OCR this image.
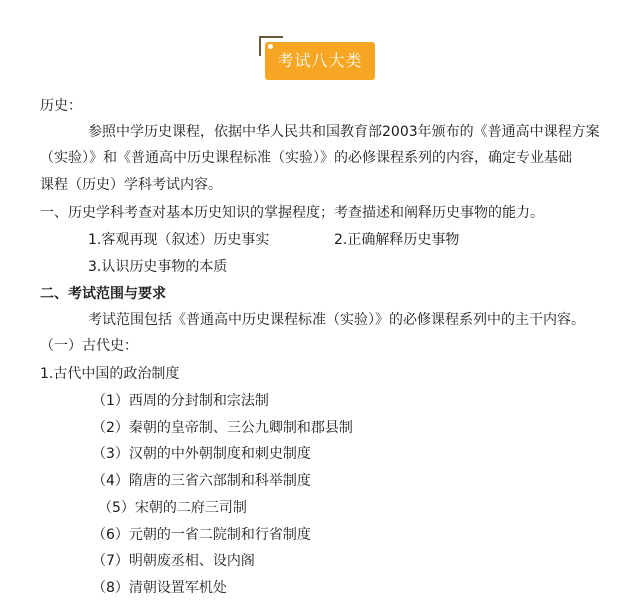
考试八大类
历史：
参照中学历史课程，依据中华人民共和国教育部2003年颁布的《普通高中课程方案
（实验）》和《普通高中历史课程标准（实验）》的必修课程系列的内容，确定专业基础
课程（历史）学科考试内容。
一、历史学科考查对基本历史知识的掌握程度；考查描述和阐释历史事物的能力。
1.客观再现（叙述）历史事实	2.正确解释历史事物
3.认识历史事物的本质
二、考试范围与要求
考试范围包括《普通高中历史课程标准（实验）》的必修课程系列中的主干内容。
（一）古代史：
1.古代中国的政治制度
（1）西周的分封制和宗法制
（2）秦朝的皇帝制、三公九卿制和郡县制
（3）汉朝的中外朝制度和刺史制度
（4）隋唐的三省六部制和科举制度
（5）宋朝的二府三司制
（6）元朝的一省二院制和行省制度
（7）明朝废丞相、设内阁
（8）清朝设置军机处
